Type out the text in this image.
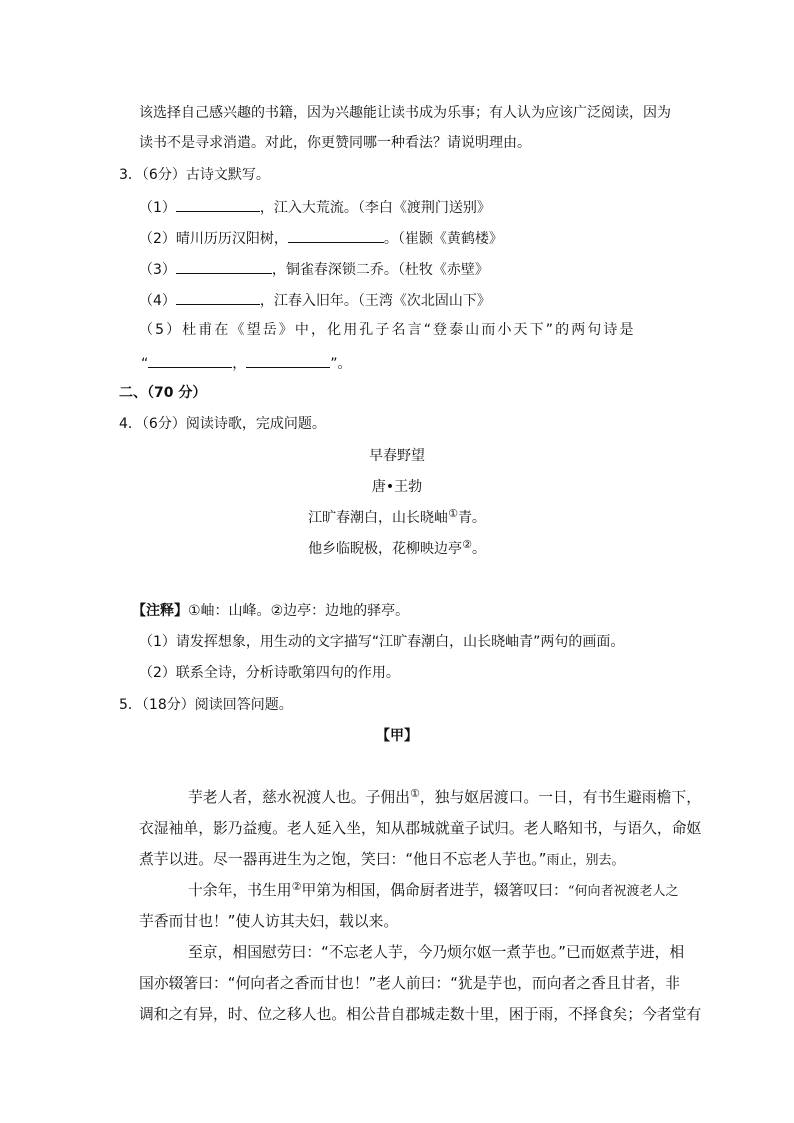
该选择自己感兴趣的书籍，因为兴趣能让读书成为乐事；有人认为应该广泛阅读，因为
读书不是寻求消遣。对此，你更赞同哪一种看法？请说明理由。
3．（6分）古诗文默写。
（1）	，江入大荒流。（李白《渡荆门送别》
（2）晴川历历汉阳树，	。（崔颢《黄鹤楼》
（3）	，铜雀春深锁二乔。（杜牧《赤壁》
（4）	，江春入旧年。（王湾《次北固山下》
（5）杜甫在《望岳》中，化用孔子名言“登泰山而小天下”的两句诗是
“	，	”。
二、（70 分）
4．（6分）阅读诗歌，完成问题。
早春野望
唐•王勃
江旷春潮白，山长晓岫①青。
他乡临睨极，花柳映边亭②。
【注释】①岫：山峰。②边亭：边地的驿亭。
（1）请发挥想象，用生动的文字描写“江旷春潮白，山长晓岫青”两句的画面。
（2）联系全诗，分析诗歌第四句的作用。
5．（18分）阅读回答问题。
【甲】
芋老人者，慈水祝渡人也。子佣出①，独与妪居渡口。一日，有书生避雨檐下，
衣湿袖单，影乃益瘦。老人延入坐，知从郡城就童子试归。老人略知书，与语久，命妪
煮芋以进。尽一器再进生为之饱，笑曰：“他日不忘老人芋也。”雨止，别去。
十余年，书生用②甲第为相国，偶命厨者进芋，辍箸叹曰：“何向者祝渡老人之
芋香而甘也！”使人访其夫妇，载以来。
至京，相国慰劳曰：“不忘老人芋，今乃烦尔妪一煮芋也。”已而妪煮芋进，相
国亦辍箸曰：“何向者之香而甘也！”老人前曰：“犹是芋也，而向者之香且甘者，非
调和之有异，时、位之移人也。相公昔自郡城走数十里，困于雨，不择食矣；今者堂有
